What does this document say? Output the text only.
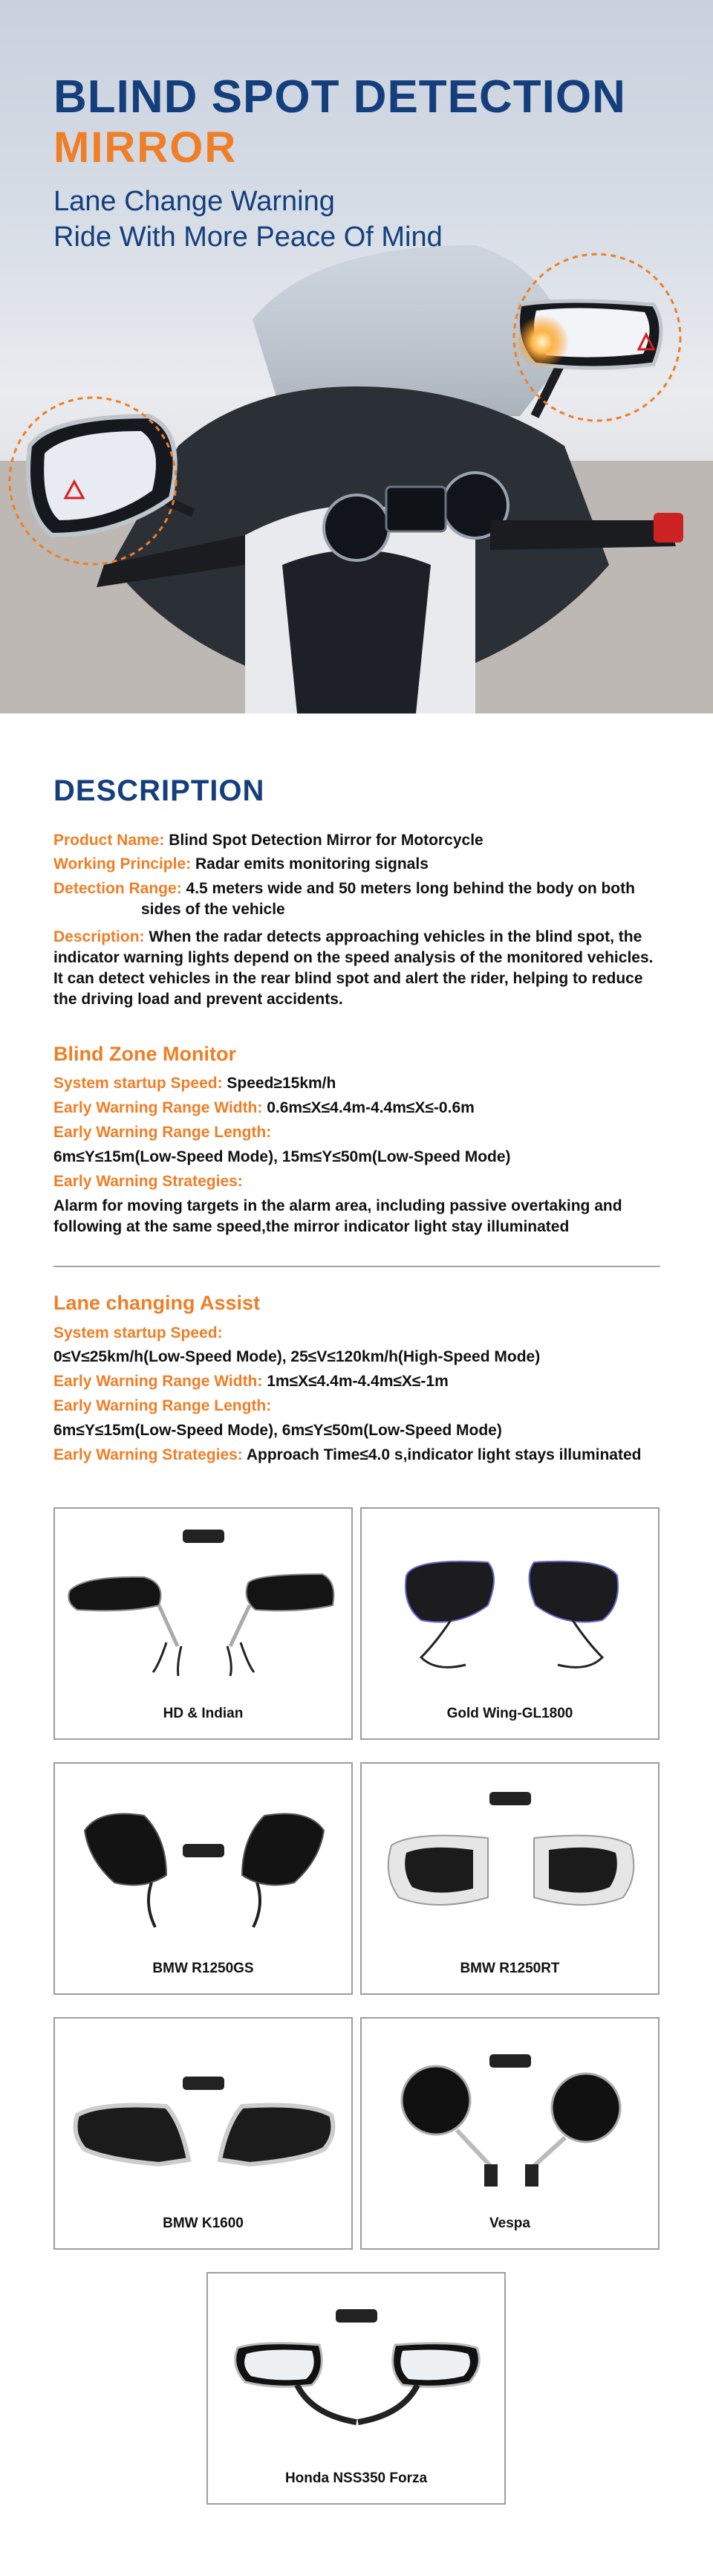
BLIND SPOT DETECTION
MIRROR
Lane Change Warning
Ride With More Peace Of Mind
DESCRIPTION
Product Name: Blind Spot Detection Mirror for Motorcycle
Working Principle: Radar emits monitoring signals
Detection Range: 4.5 meters wide and 50 meters long behind the body on both
sides of the vehicle
Description: When the radar detects approaching vehicles in the blind spot, the
indicator warning lights depend on the speed analysis of the monitored vehicles.
It can detect vehicles in the rear blind spot and alert the rider, helping to reduce
the driving load and prevent accidents.
Blind Zone Monitor
System startup Speed: Speed≥15km/h
Early Warning Range Width: 0.6m≤X≤4.4m-4.4m≤X≤-0.6m
Early Warning Range Length:
6m≤Y≤15m(Low-Speed Mode), 15m≤Y≤50m(Low-Speed Mode)
Early Warning Strategies:
Alarm for moving targets in the alarm area, including passive overtaking and
following at the same speed,the mirror indicator light stay illuminated
Lane changing Assist
System startup Speed:
0≤V≤25km/h(Low-Speed Mode), 25≤V≤120km/h(High-Speed Mode)
Early Warning Range Width: 1m≤X≤4.4m-4.4m≤X≤-1m
Early Warning Range Length:
6m≤Y≤15m(Low-Speed Mode), 6m≤Y≤50m(Low-Speed Mode)
Early Warning Strategies: Approach Time≤4.0 s,indicator light stays illuminated
HD & Indian	Gold Wing-GL1800
BMW R1250GS	BMW R1250RT
BMW K1600	Vespa
Honda NSS350 Forza
